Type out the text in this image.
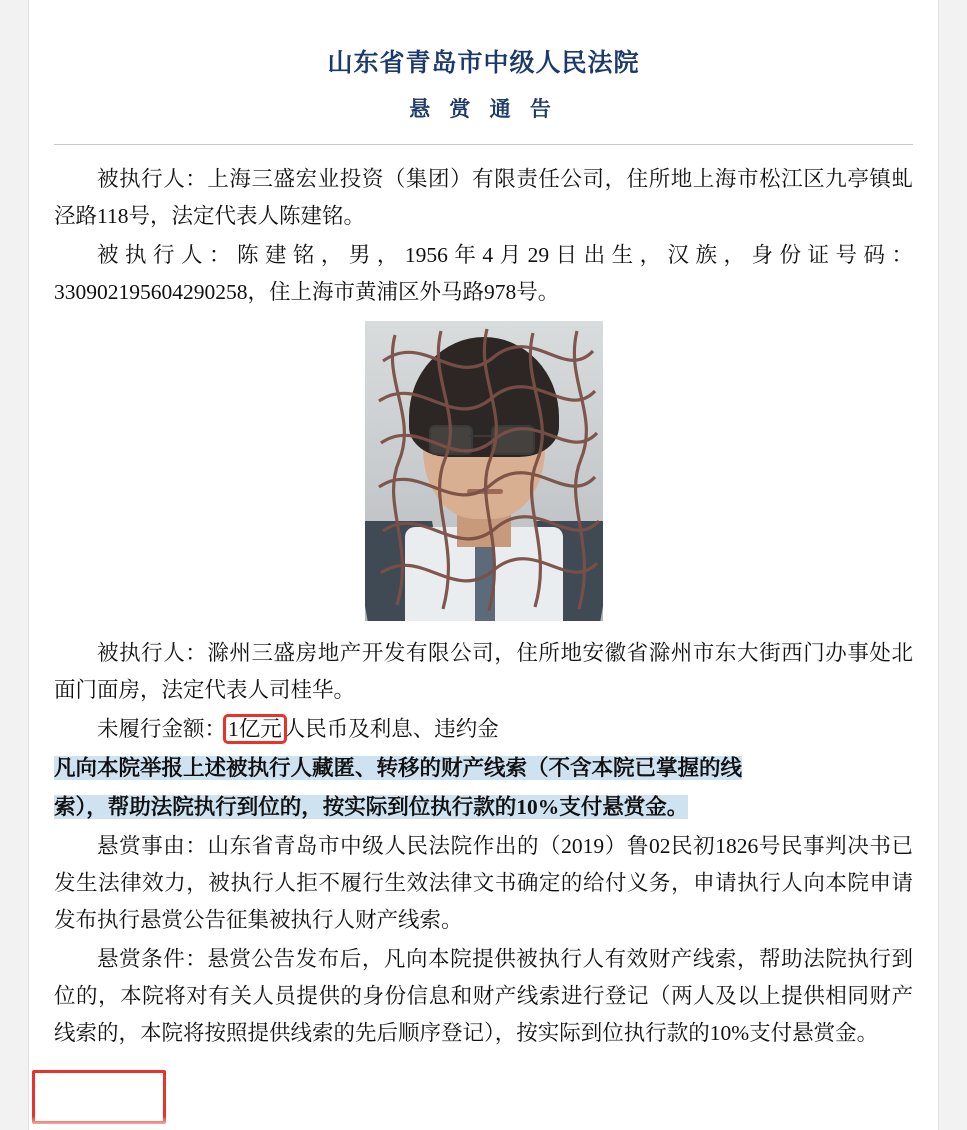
山东省青岛市中级人民法院
悬 赏 通 告

被执行人：上海三盛宏业投资（集团）有限责任公司，住所地上海市松江区九亭镇虬泾路118号，法定代表人陈建铭。

被执行人：陈建铭，男，1956年4月29日出生，汉族，身份证号码：330902195604290258，住上海市黄浦区外马路978号。

被执行人：滁州三盛房地产开发有限公司，住所地安徽省滁州市东大街西门办事处北面门面房，法定代表人司桂华。

未履行金额：1亿元人民币及利息、违约金

凡向本院举报上述被执行人藏匿、转移的财产线索（不含本院已掌握的线

索），帮助法院执行到位的，按实际到位执行款的10%支付悬赏金。

悬赏事由：山东省青岛市中级人民法院作出的（2019）鲁02民初1826号民事判决书已发生法律效力，被执行人拒不履行生效法律文书确定的给付义务，申请执行人向本院申请发布执行悬赏公告征集被执行人财产线索。

悬赏条件：悬赏公告发布后，凡向本院提供被执行人有效财产线索，帮助法院执行到位的，本院将对有关人员提供的身份信息和财产线索进行登记（两人及以上提供相同财产线索的，本院将按照提供线索的先后顺序登记），按实际到位执行款的10%支付悬赏金。
